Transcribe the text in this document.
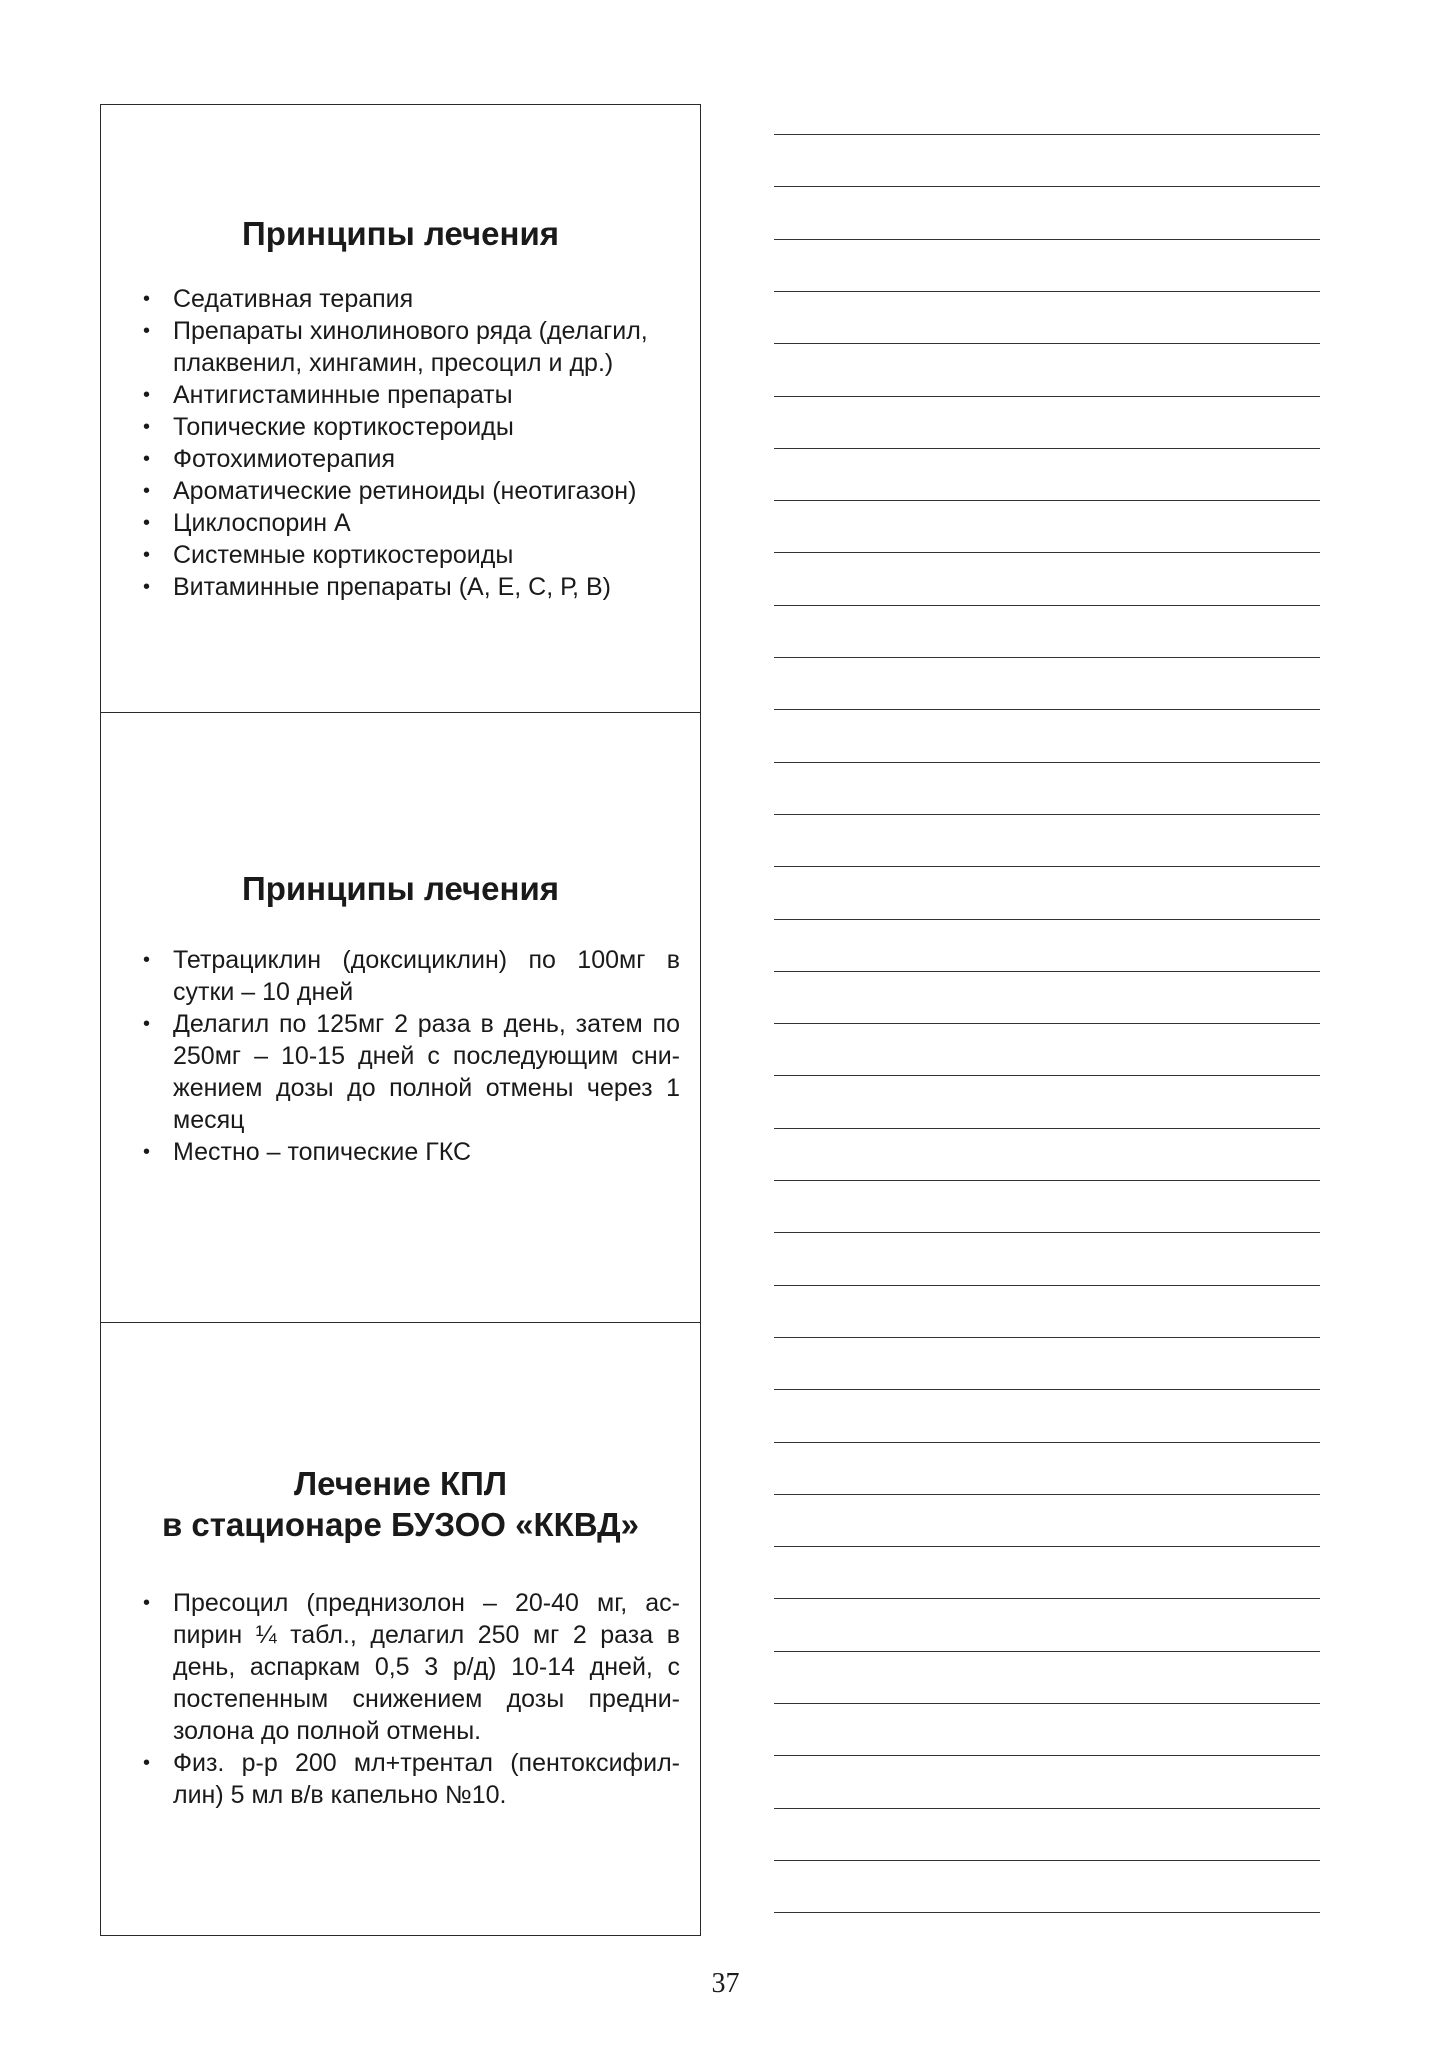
Принципы лечения
• Седативная терапия
• Препараты хинолинового ряда (делагил, плаквенил, хингамин, пресоцил и др.)
• Антигистаминные препараты
• Топические кортикостероиды
• Фотохимиотерапия
• Ароматические ретиноиды (неотигазон)
• Циклоспорин А
• Системные кортикостероиды
• Витаминные препараты (А, Е, С, Р, В)
Принципы лечения
• Тетрациклин (доксициклин) по 100мг в сутки – 10 дней
• Делагил по 125мг 2 раза в день, затем по 250мг – 10-15 дней с последующим снижением дозы до полной отмены через 1 месяц
• Местно – топические ГКС
Лечение КПЛ
в стационаре БУЗОО «ККВД»
• Пресоцил (преднизолон – 20-40 мг, аспирин ¼ табл., делагил 250 мг 2 раза в день, аспаркам 0,5 3 р/д) 10-14 дней, с постепенным снижением дозы преднизолона до полной отмены.
• Физ. р-р 200 мл+трентал (пентоксифиллин) 5 мл в/в капельно №10.
37
